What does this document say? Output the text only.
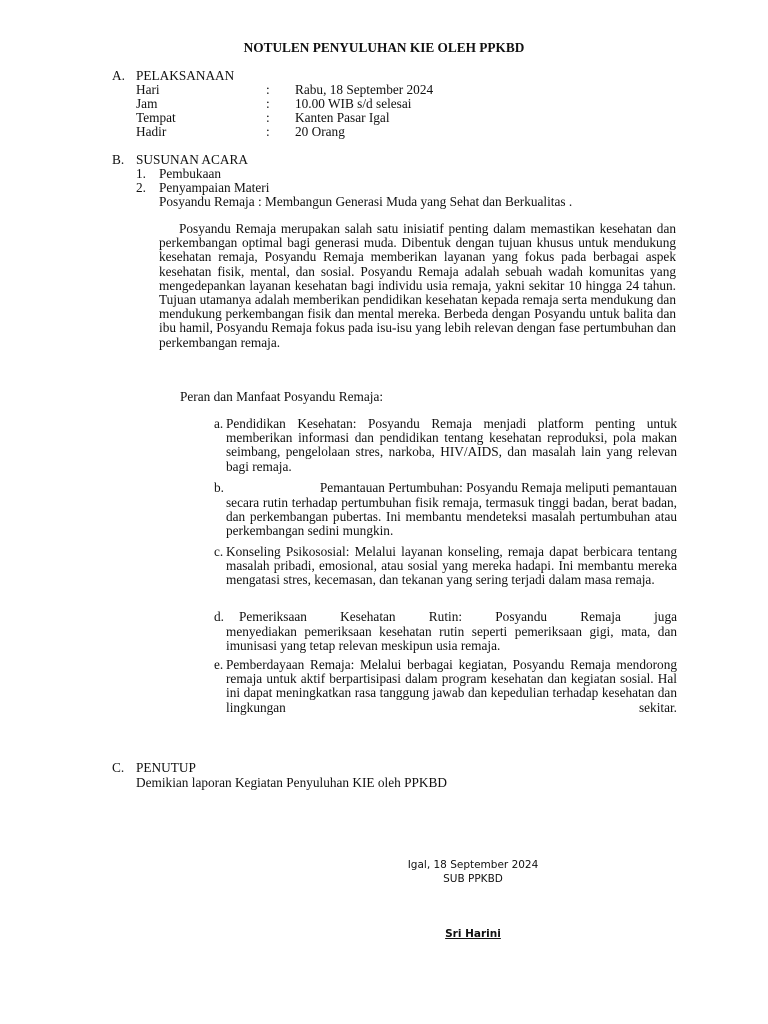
NOTULEN PENYULUHAN KIE OLEH PPKBD
A. PELAKSANAAN
Hari	: Rabu, 18 September 2024
Jam	: 10.00 WIB s/d selesai
Tempat	: Kanten Pasar Igal
Hadir	: 20 Orang
B. SUSUNAN ACARA
1. Pembukaan
2. Penyampaian Materi
Posyandu Remaja : Membangun Generasi Muda yang Sehat dan Berkualitas .
Posyandu Remaja merupakan salah satu inisiatif penting dalam memastikan kesehatan dan perkembangan optimal bagi generasi muda. Dibentuk dengan tujuan khusus untuk mendukung kesehatan remaja, Posyandu Remaja memberikan layanan yang fokus pada berbagai aspek kesehatan fisik, mental, dan sosial. Posyandu Remaja adalah sebuah wadah komunitas yang mengedepankan layanan kesehatan bagi individu usia remaja, yakni sekitar 10 hingga 24 tahun. Tujuan utamanya adalah memberikan pendidikan kesehatan kepada remaja serta mendukung dan mendukung perkembangan fisik dan mental mereka. Berbeda dengan Posyandu untuk balita dan ibu hamil, Posyandu Remaja fokus pada isu-isu yang lebih relevan dengan fase pertumbuhan dan perkembangan remaja.
Peran dan Manfaat Posyandu Remaja:
a. Pendidikan Kesehatan: Posyandu Remaja menjadi platform penting untuk memberikan informasi dan pendidikan tentang kesehatan reproduksi, pola makan seimbang, pengelolaan stres, narkoba, HIV/AIDS, dan masalah lain yang relevan bagi remaja.
b.	Pemantauan Pertumbuhan: Posyandu Remaja meliputi pemantauan
secara rutin terhadap pertumbuhan fisik remaja, termasuk tinggi badan, berat badan, dan perkembangan pubertas. Ini membantu mendeteksi masalah pertumbuhan atau perkembangan sedini mungkin.
c. Konseling Psikososial: Melalui layanan konseling, remaja dapat berbicara tentang masalah pribadi, emosional, atau sosial yang mereka hadapi. Ini membantu mereka mengatasi stres, kecemasan, dan tekanan yang sering terjadi dalam masa remaja.
d. Pemeriksaan Kesehatan Rutin: Posyandu Remaja juga
menyediakan pemeriksaan kesehatan rutin seperti pemeriksaan gigi, mata, dan imunisasi yang tetap relevan meskipun usia remaja.
e. Pemberdayaan Remaja: Melalui berbagai kegiatan, Posyandu Remaja mendorong remaja untuk aktif berpartisipasi dalam program kesehatan dan kegiatan sosial. Hal ini dapat meningkatkan rasa tanggung jawab dan kepedulian terhadap kesehatan dan lingkungan sekitar.
C. PENUTUP
Demikian laporan Kegiatan Penyuluhan KIE oleh PPKBD
Igal, 18 September 2024
SUB PPKBD
Sri Harini
